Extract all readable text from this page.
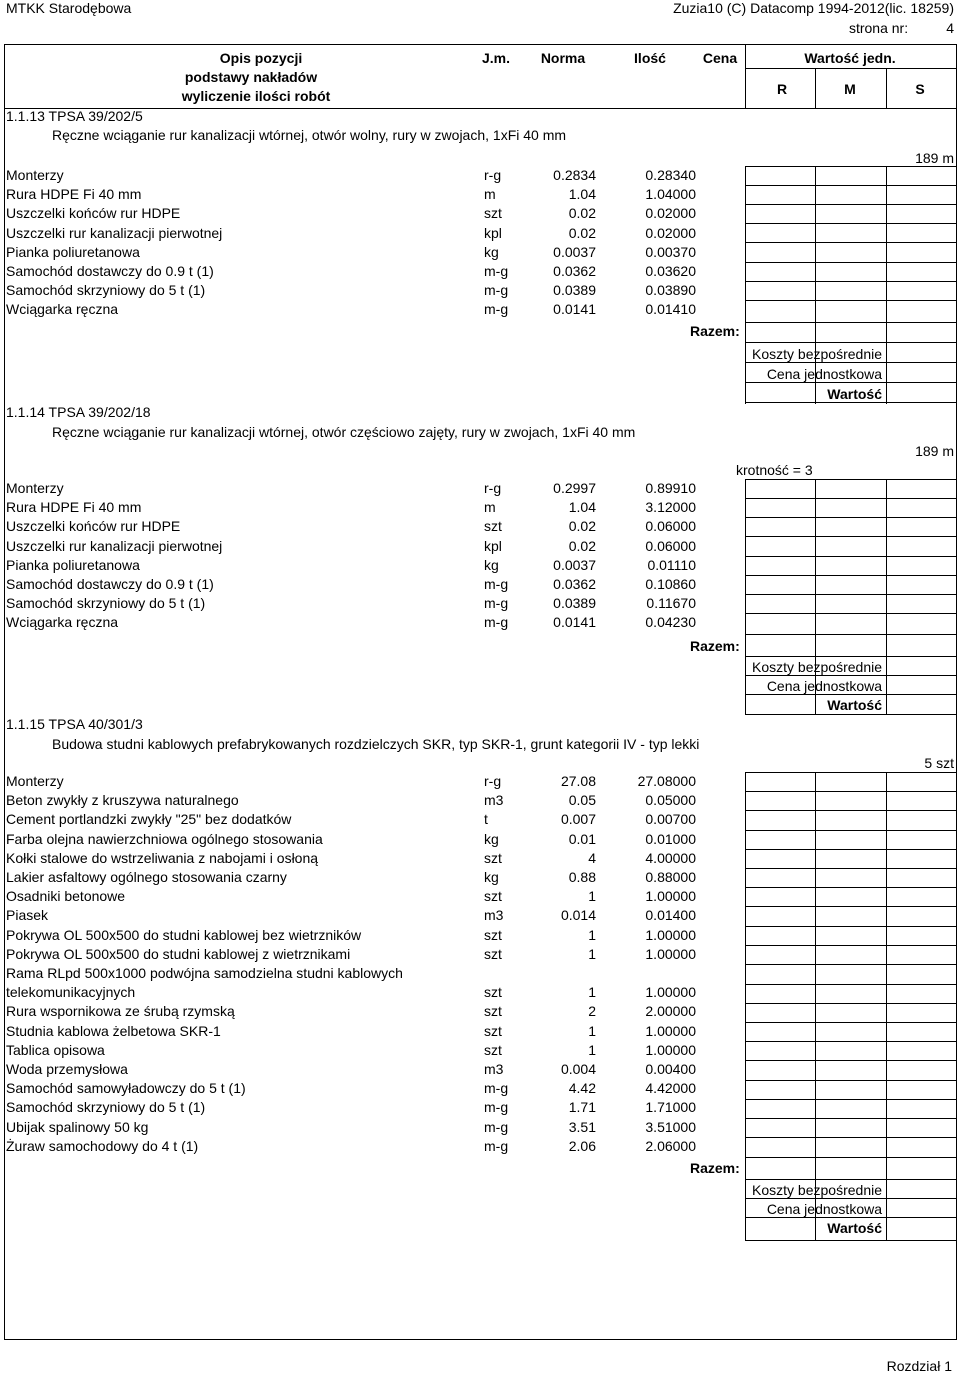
MTKK Starodębowa	Zuzia10 (C) Datacomp 1994-2012(lic. 18259)
strona nr:	4
Opis pozycji
podstawy nakładów
wyliczenie ilości robót
J.m.	Norma	Ilość	Cena	Wartość jedn.
R	M	S
1.1.13 TPSA 39/202/5
Ręczne wciąganie rur kanalizacji wtórnej, otwór wolny, rury w zwojach, 1xFi 40 mm
189 m
Monterzy	r-g	0.2834	0.28340
Rura HDPE Fi 40 mm	m	1.04	1.04000
Uszczelki końców rur HDPE	szt	0.02	0.02000
Uszczelki rur kanalizacji pierwotnej	kpl	0.02	0.02000
Pianka poliuretanowa	kg	0.0037	0.00370
Samochód dostawczy do 0.9 t (1)	m-g	0.0362	0.03620
Samochód skrzyniowy do 5 t (1)	m-g	0.0389	0.03890
Wciągarka ręczna	m-g	0.0141	0.01410
Razem:
Koszty bezpośrednie
Cena jednostkowa
Wartość
1.1.14 TPSA 39/202/18
Ręczne wciąganie rur kanalizacji wtórnej, otwór częściowo zajęty, rury w zwojach, 1xFi 40 mm
189 m
krotność = 3
Monterzy	r-g	0.2997	0.89910
Rura HDPE Fi 40 mm	m	1.04	3.12000
Uszczelki końców rur HDPE	szt	0.02	0.06000
Uszczelki rur kanalizacji pierwotnej	kpl	0.02	0.06000
Pianka poliuretanowa	kg	0.0037	0.01110
Samochód dostawczy do 0.9 t (1)	m-g	0.0362	0.10860
Samochód skrzyniowy do 5 t (1)	m-g	0.0389	0.11670
Wciągarka ręczna	m-g	0.0141	0.04230
Razem:
Koszty bezpośrednie
Cena jednostkowa
Wartość
1.1.15 TPSA 40/301/3
Budowa studni kablowych prefabrykowanych rozdzielczych SKR, typ SKR-1, grunt kategorii IV - typ lekki
5 szt
Monterzy	r-g	27.08	27.08000
Beton zwykły z kruszywa naturalnego	m3	0.05	0.05000
Cement portlandzki zwykły "25" bez dodatków	t	0.007	0.00700
Farba olejna nawierzchniowa ogólnego stosowania	kg	0.01	0.01000
Kołki stalowe do wstrzeliwania z nabojami i osłoną	szt	4	4.00000
Lakier asfaltowy ogólnego stosowania czarny	kg	0.88	0.88000
Osadniki betonowe	szt	1	1.00000
Piasek	m3	0.014	0.01400
Pokrywa OL 500x500 do studni kablowej bez wietrzników	szt	1	1.00000
Pokrywa OL 500x500 do studni kablowej z wietrznikami	szt	1	1.00000
Rama RLpd 500x1000 podwójna samodzielna studni kablowych
telekomunikacyjnych	szt	1	1.00000
Rura wspornikowa ze śrubą rzymską	szt	2	2.00000
Studnia kablowa żelbetowa SKR-1	szt	1	1.00000
Tablica opisowa	szt	1	1.00000
Woda przemysłowa	m3	0.004	0.00400
Samochód samowyładowczy do 5 t (1)	m-g	4.42	4.42000
Samochód skrzyniowy do 5 t (1)	m-g	1.71	1.71000
Ubijak spalinowy 50 kg	m-g	3.51	3.51000
Żuraw samochodowy do 4 t (1)	m-g	2.06	2.06000
Razem:
Koszty bezpośrednie
Cena jednostkowa
Wartość
Rozdział 1
